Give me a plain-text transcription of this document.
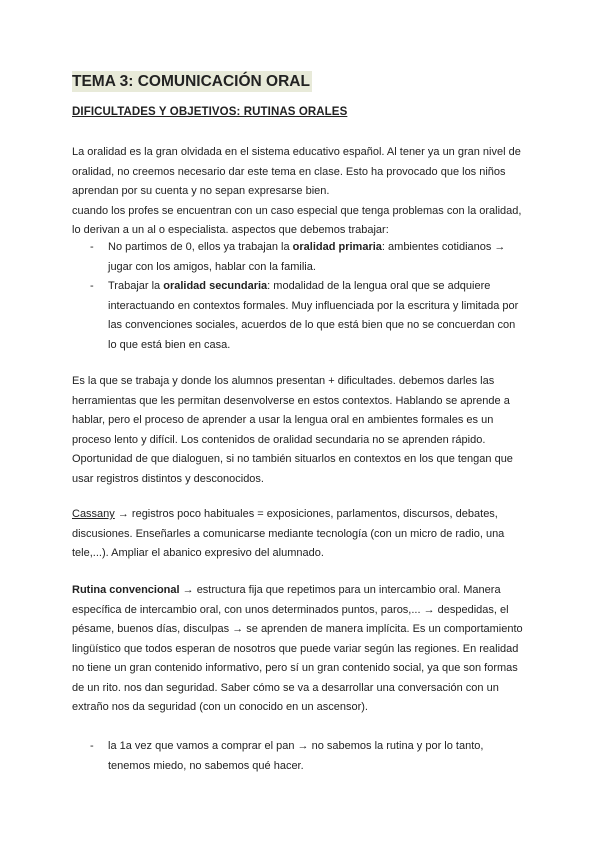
TEMA 3: COMUNICACIÓN ORAL
DIFICULTADES Y OBJETIVOS: RUTINAS ORALES
La oralidad es la gran olvidada en el sistema educativo español. Al tener ya un gran nivel de
oralidad, no creemos necesario dar este tema en clase. Esto ha provocado que los niños
aprendan por su cuenta y no sepan expresarse bien.
cuando los profes se encuentran con un caso especial que tenga problemas con la oralidad,
lo derivan a un al o especialista. aspectos que debemos trabajar:
- No partimos de 0, ellos ya trabajan la oralidad primaria: ambientes cotidianos →
jugar con los amigos, hablar con la familia.
- Trabajar la oralidad secundaria: modalidad de la lengua oral que se adquiere
interactuando en contextos formales. Muy influenciada por la escritura y limitada por
las convenciones sociales, acuerdos de lo que está bien que no se concuerdan con
lo que está bien en casa.
Es la que se trabaja y donde los alumnos presentan + dificultades. debemos darles las
herramientas que les permitan desenvolverse en estos contextos. Hablando se aprende a
hablar, pero el proceso de aprender a usar la lengua oral en ambientes formales es un
proceso lento y difícil. Los contenidos de oralidad secundaria no se aprenden rápido.
Oportunidad de que dialoguen, si no también situarlos en contextos en los que tengan que
usar registros distintos y desconocidos.
Cassany → registros poco habituales = exposiciones, parlamentos, discursos, debates,
discusiones. Enseñarles a comunicarse mediante tecnología (con un micro de radio, una
tele,...). Ampliar el abanico expresivo del alumnado.
Rutina convencional → estructura fija que repetimos para un intercambio oral. Manera
específica de intercambio oral, con unos determinados puntos, paros,... → despedidas, el
pésame, buenos días, disculpas → se aprenden de manera implícita. Es un comportamiento
lingüístico que todos esperan de nosotros que puede variar según las regiones. En realidad
no tiene un gran contenido informativo, pero sí un gran contenido social, ya que son formas
de un rito. nos dan seguridad. Saber cómo se va a desarrollar una conversación con un
extraño nos da seguridad (con un conocido en un ascensor).
- la 1a vez que vamos a comprar el pan → no sabemos la rutina y por lo tanto,
tenemos miedo, no sabemos qué hacer.
